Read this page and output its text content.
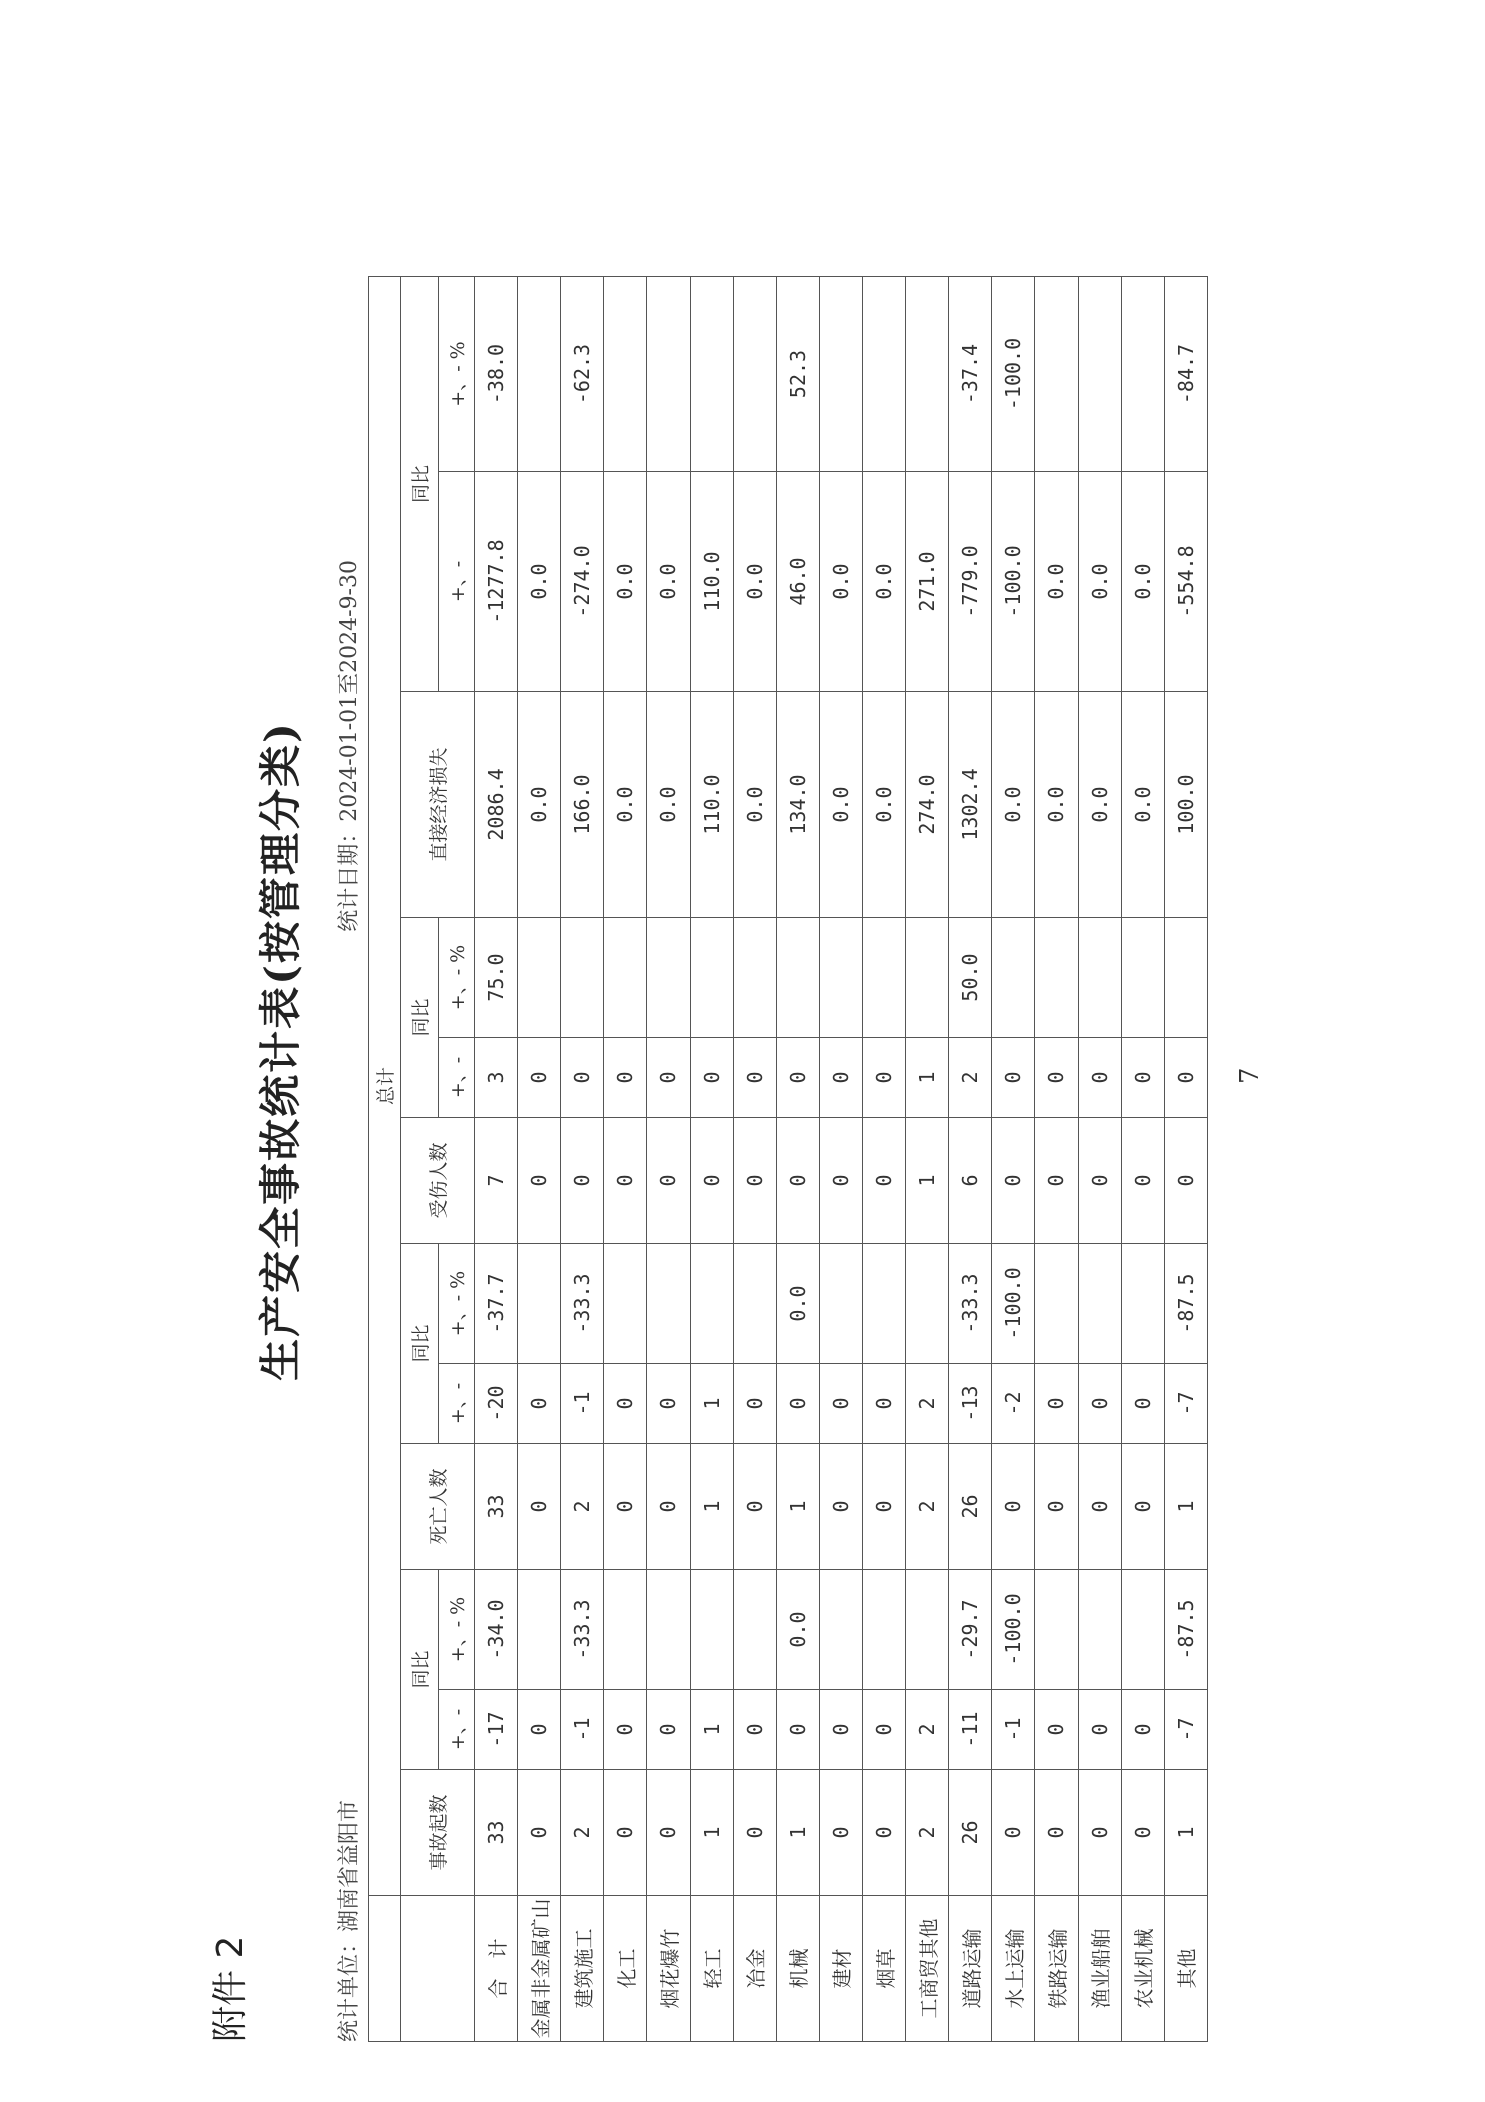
附件 2
生产安全事故统计表(按管理分类)
统计单位：湖南省益阳市
统计日期：2024-01-01至2024-9-30
	总计											
	事故起数	同比		死亡人数	同比		受伤人数	同比		直接经济损失	同比	
		+、-	+、- %		+、-	+、- %		+、-	+、- %		+、-	+、- %
合　计	33	-17	-34.0	33	-20	-37.7	7	3	75.0	2086.4	-1277.8	-38.0
金属非金属矿山	0	0		0	0		0	0		0.0	0.0	
建筑施工	2	-1	-33.3	2	-1	-33.3	0	0		166.0	-274.0	-62.3
化工	0	0		0	0		0	0		0.0	0.0	
烟花爆竹	0	0		0	0		0	0		0.0	0.0	
轻工	1	1		1	1		0	0		110.0	110.0	
冶金	0	0		0	0		0	0		0.0	0.0	
机械	1	0	0.0	1	0	0.0	0	0		134.0	46.0	52.3
建材	0	0		0	0		0	0		0.0	0.0	
烟草	0	0		0	0		0	0		0.0	0.0	
工商贸其他	2	2		2	2		1	1		274.0	271.0	
道路运输	26	-11	-29.7	26	-13	-33.3	6	2	50.0	1302.4	-779.0	-37.4
水上运输	0	-1	-100.0	0	-2	-100.0	0	0		0.0	-100.0	-100.0
铁路运输	0	0		0	0		0	0		0.0	0.0	
渔业船舶	0	0		0	0		0	0		0.0	0.0	
农业机械	0	0		0	0		0	0		0.0	0.0	
其他	1	-7	-87.5	1	-7	-87.5	0	0		100.0	-554.8	-84.7
7
